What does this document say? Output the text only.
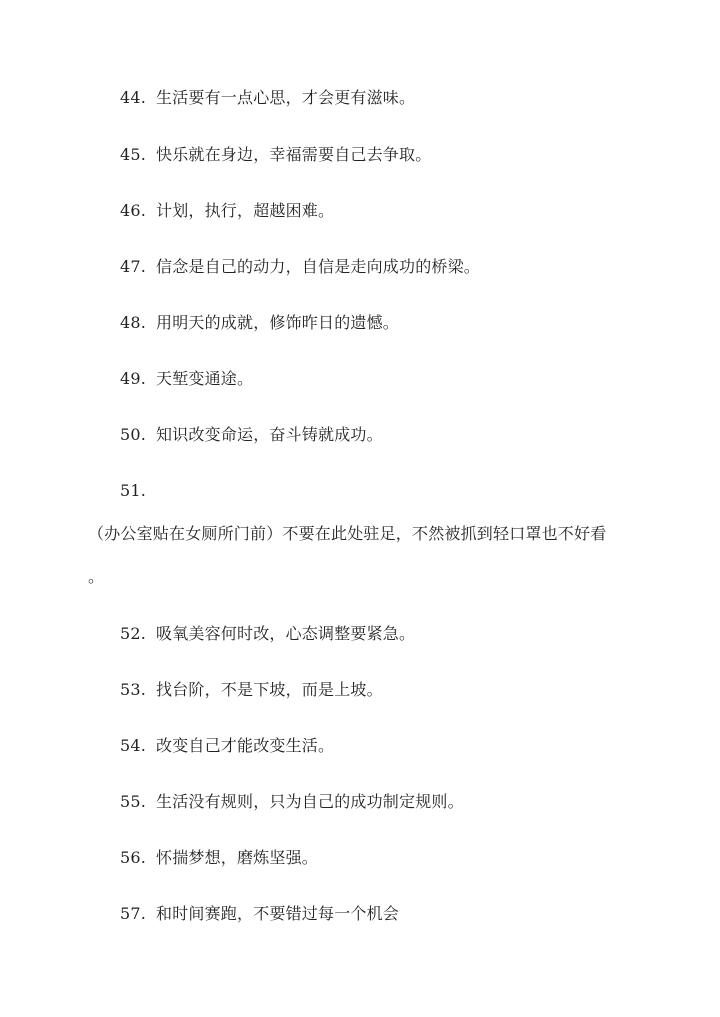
44. 生活要有一点心思，才会更有滋味。
45. 快乐就在身边，幸福需要自己去争取。
46. 计划，执行，超越困难。
47. 信念是自己的动力，自信是走向成功的桥梁。
48. 用明天的成就，修饰昨日的遗憾。
49. 天堑变通途。
50. 知识改变命运，奋斗铸就成功。
51.
（办公室贴在女厕所门前）不要在此处驻足，不然被抓到轻口罩也不好看
。
52. 吸氧美容何时改，心态调整要紧急。
53. 找台阶，不是下坡，而是上坡。
54. 改变自己才能改变生活。
55. 生活没有规则，只为自己的成功制定规则。
56. 怀揣梦想，磨炼坚强。
57. 和时间赛跑，不要错过每一个机会
